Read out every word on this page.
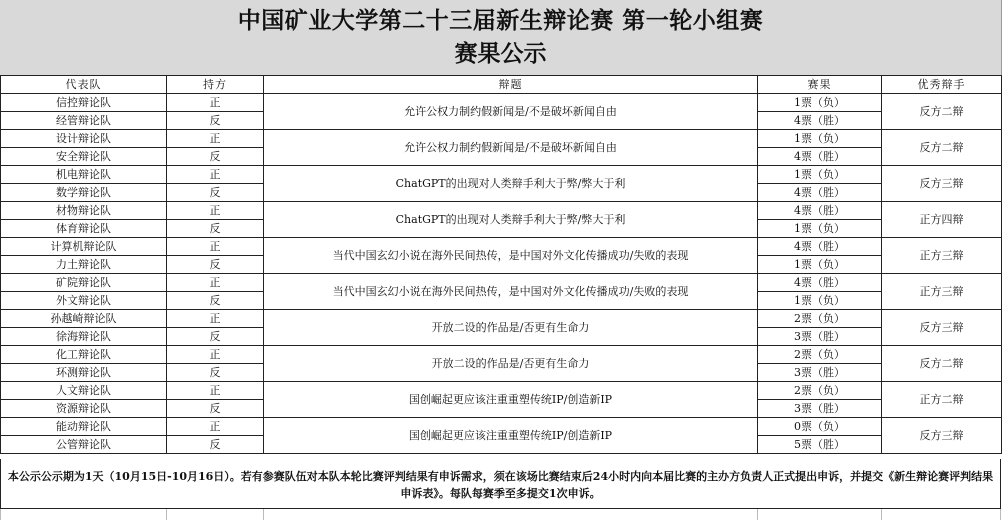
中国矿业大学第二十三届新生辩论赛 第一轮小组赛
赛果公示
代表队	持方	辩题	赛果	优秀辩手
信控辩论队	正	允许公权力制约假新闻是/不是破坏新闻自由	1票（负）	反方二辩
经管辩论队	反		4票（胜）	
设计辩论队	正	允许公权力制约假新闻是/不是破坏新闻自由	1票（负）	反方二辩
安全辩论队	反		4票（胜）	
机电辩论队	正	ChatGPT的出现对人类辩手利大于弊/弊大于利	1票（负）	反方三辩
数学辩论队	反		4票（胜）	
材物辩论队	正	ChatGPT的出现对人类辩手利大于弊/弊大于利	4票（胜）	正方四辩
体育辩论队	反		1票（负）	
计算机辩论队	正	当代中国玄幻小说在海外民间热传，是中国对外文化传播成功/失败的表现	4票（胜）	正方三辩
力土辩论队	反		1票（负）	
矿院辩论队	正	当代中国玄幻小说在海外民间热传，是中国对外文化传播成功/失败的表现	4票（胜）	正方三辩
外文辩论队	反		1票（负）	
孙越崎辩论队	正	开放二设的作品是/否更有生命力	2票（负）	反方三辩
徐海辩论队	反		3票（胜）	
化工辩论队	正	开放二设的作品是/否更有生命力	2票（负）	反方二辩
环测辩论队	反		3票（胜）	
人文辩论队	正	国创崛起更应该注重重塑传统IP/创造新IP	2票（负）	正方二辩
资源辩论队	反		3票（胜）	
能动辩论队	正	国创崛起更应该注重重塑传统IP/创造新IP	0票（负）	反方三辩
公管辩论队	反		5票（胜）	
本公示公示期为1天（10月15日-10月16日）。若有参赛队伍对本队本轮比赛评判结果有申诉需求，须在该场比赛结束后24小时内向本届比赛的主办方负责人正式提出申诉，并提交《新生辩论赛评判结果申诉表》。每队每赛季至多提交1次申诉。
